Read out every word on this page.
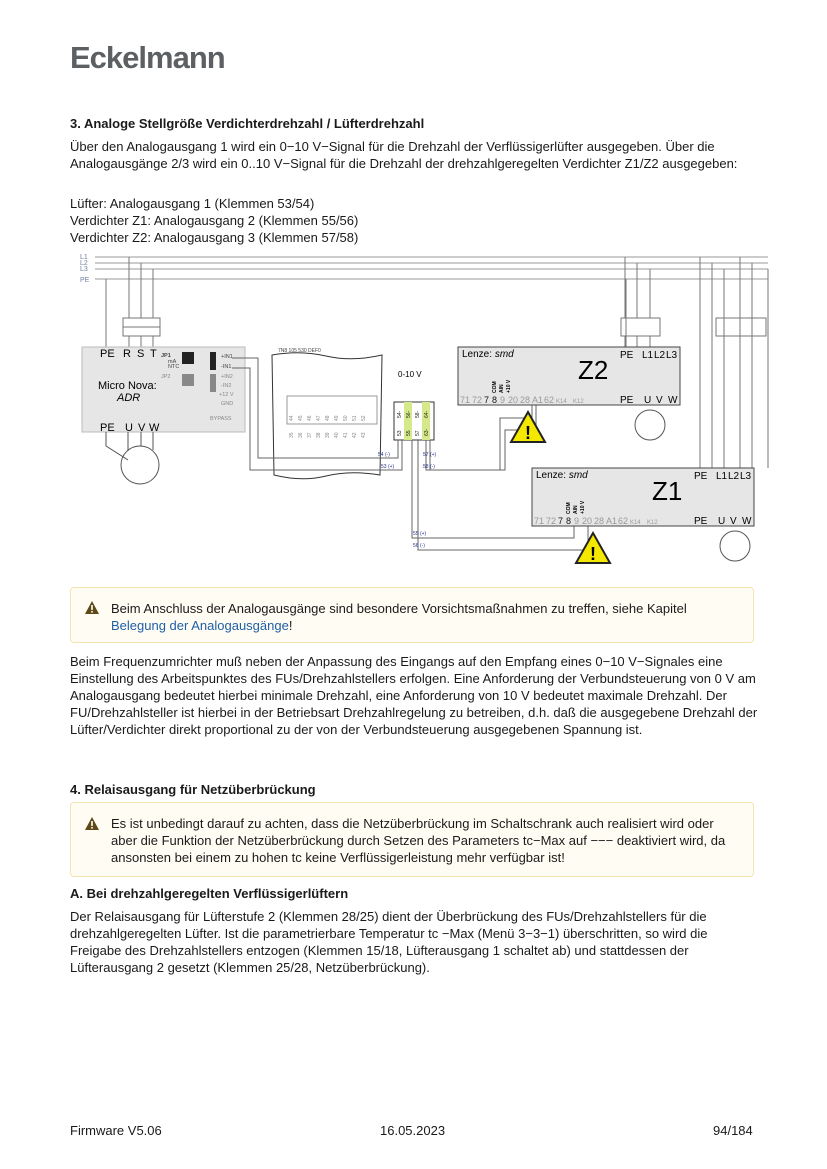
Eckelmann
3. Analoge Stellgröße Verdichterdrehzahl / Lüfterdrehzahl
Über den Analogausgang 1 wird ein 0−10 V−Signal für die Drehzahl der Verflüssigerlüfter ausgegeben. Über die Analogausgänge 2/3 wird ein 0..10 V−Signal für die Drehzahl der drehzahlgeregelten Verdichter Z1/Z2 ausgegeben:
Lüfter: Analogausgang 1 (Klemmen 53/54)
Verdichter Z1: Analogausgang 2 (Klemmen 55/56)
Verdichter Z2: Analogausgang 3 (Klemmen 57/58)
L1
L2
L3
PE
PE R S T
PE U V W
Micro Nova:
ADR
JP1
JP2
mA
NTC
+IN1
-IN1
+IN2
-IN2
+12 V
GND
BYPASS
7N8 105 530 DEF0
0-10 V
44 45 46 47 48 49 50 51 52
35 36 37 38 39 40 41 42 43
54- 56- 58- 64-
53 55 57 63-
54 (-)
53 (+)
57 (+)
58 (-)
55 (+)
56 (-)
Lenze: smd
Z2 PE L1 L2 L3
PE U V W
71 72 7 8 9 20 28 A1 62 K14 K12
COM AIN +10 V
Lenze: smd
Z1 PE L1 L2 L3
PE U V W
71 72 7 8 9 20 28 A1 62 K14 K12
COM AIN +10 V
!
!
Beim Anschluss der Analogausgänge sind besondere Vorsichtsmaßnahmen zu treffen, siehe Kapitel Belegung der Analogausgänge!
Beim Frequenzumrichter muß neben der Anpassung des Eingangs auf den Empfang eines 0−10 V−Signales eine Einstellung des Arbeitspunktes des FUs/Drehzahlstellers erfolgen. Eine Anforderung der Verbundsteuerung von 0 V am Analogausgang bedeutet hierbei minimale Drehzahl, eine Anforderung von 10 V bedeutet maximale Drehzahl. Der FU/Drehzahlsteller ist hierbei in der Betriebsart Drehzahlregelung zu betreiben, d.h. daß die ausgegebene Drehzahl der Lüfter/Verdichter direkt proportional zu der von der Verbundsteuerung ausgegebenen Spannung ist.
4. Relaisausgang für Netzüberbrückung
Es ist unbedingt darauf zu achten, dass die Netzüberbrückung im Schaltschrank auch realisiert wird oder aber die Funktion der Netzüberbrückung durch Setzen des Parameters tc−Max auf −−− deaktiviert wird, da ansonsten bei einem zu hohen tc keine Verflüssigerleistung mehr verfügbar ist!
A. Bei drehzahlgeregelten Verflüssigerlüftern
Der Relaisausgang für Lüfterstufe 2 (Klemmen 28/25) dient der Überbrückung des FUs/Drehzahlstellers für die drehzahlgeregelten Lüfter. Ist die parametrierbare Temperatur tc −Max (Menü 3−3−1) überschritten, so wird die Freigabe des Drehzahlstellers entzogen (Klemmen 15/18, Lüfterausgang 1 schaltet ab) und stattdessen der Lüfterausgang 2 gesetzt (Klemmen 25/28, Netzüberbrückung).
Firmware V5.06	16.05.2023	94/184
